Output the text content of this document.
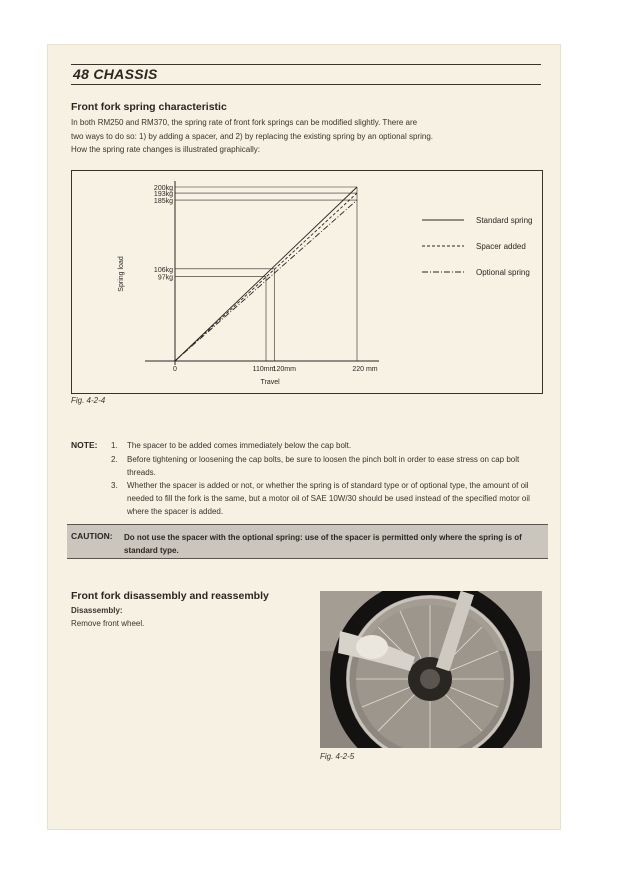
48 CHASSIS
Front fork spring characteristic
In both RM250 and RM370, the spring rate of front fork springs can be modified slightly. There are
two ways to do so: 1) by adding a spacer, and 2) by replacing the existing spring by an optional spring.
How the spring rate changes is illustrated graphically:
200kg
193kg
185kg
106kg
97kg
0	110mm
120mm	220 mm
Travel
Spring load
Standard spring
Spacer added
Optional spring
Fig. 4-2-4
NOTE: 1. The spacer to be added comes immediately below the cap bolt.
2. Before tightening or loosening the cap bolts, be sure to loosen the pinch bolt in order to ease stress on cap bolt threads.
3. Whether the spacer is added or not, or whether the spring is of standard type or of optional type, the amount of oil needed to fill the fork is the same, but a motor oil of SAE 10W/30 should be used instead of the specified motor oil where the spacer is added.
CAUTION: Do not use the spacer with the optional spring: use of the spacer is permitted only where the spring is of standard type.
Front fork disassembly and reassembly
Disassembly:
Remove front wheel.
Fig. 4-2-5
